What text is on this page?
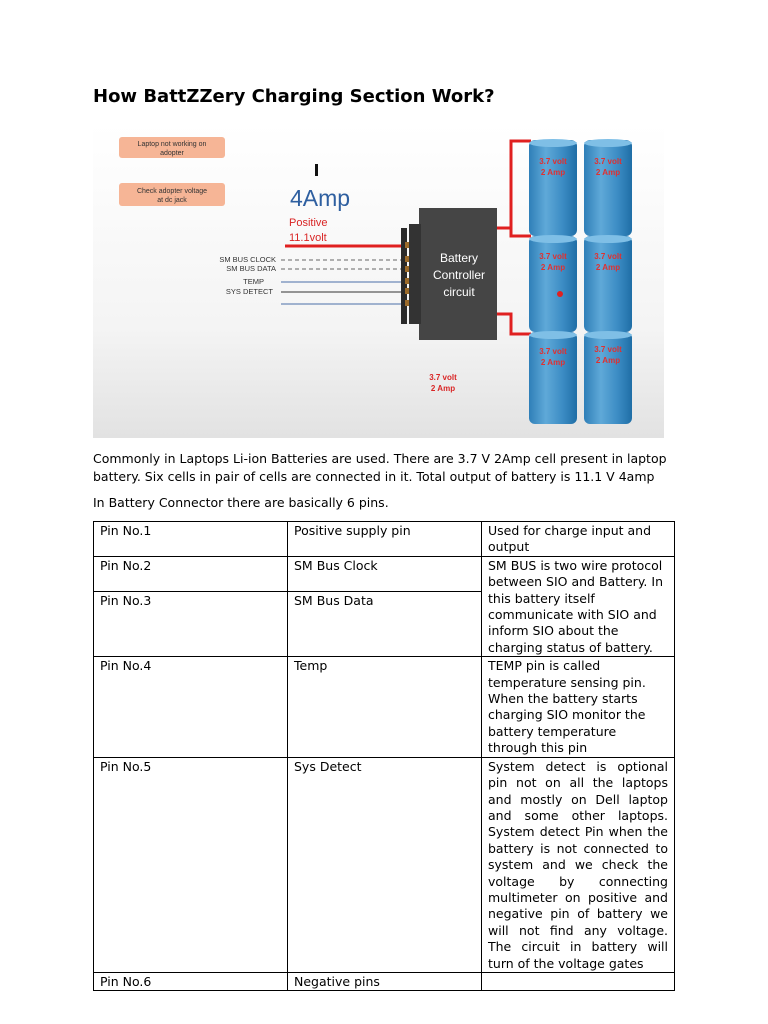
How BattZZery Charging Section Work?
Laptop not working on
adopter
Check adopter voltage
at dc jack	4Amp
Positive
11.1volt
SM BUS CLOCK
SM BUS DATA
TEMP
SYS DETECT
Battery
Controller
circuit
3.7 volt
2 Amp
3.7 volt
2 Amp
3.7 volt
2 Amp
3.7 volt
2 Amp
3.7 volt
2 Amp
3.7 volt
2 Amp
3.7 volt
2 Amp

Commonly in Laptops Li-ion Batteries are used. There are 3.7 V 2Amp cell present in laptop battery. Six cells in pair of cells are connected in it. Total output of battery is 11.1 V 4amp

In Battery Connector there are basically 6 pins.

Pin No.1	Positive supply pin	Used for charge input and output
Pin No.2	SM Bus Clock	SM BUS is two wire protocol between SIO and Battery. In this battery itself communicate with SIO and inform SIO about the charging status of battery.
Pin No.3	SM Bus Data	
Pin No.4	Temp	TEMP pin is called temperature sensing pin. When the battery starts charging SIO monitor the battery temperature through this pin
Pin No.5	Sys Detect	System detect is optional pin not on all the laptops and mostly on Dell laptop and some other laptops. System detect Pin when the battery is not connected to system and we check the voltage by connecting multimeter on positive and negative pin of battery we will not find any voltage. The circuit in battery will turn of the voltage gates
Pin No.6	Negative pins	
